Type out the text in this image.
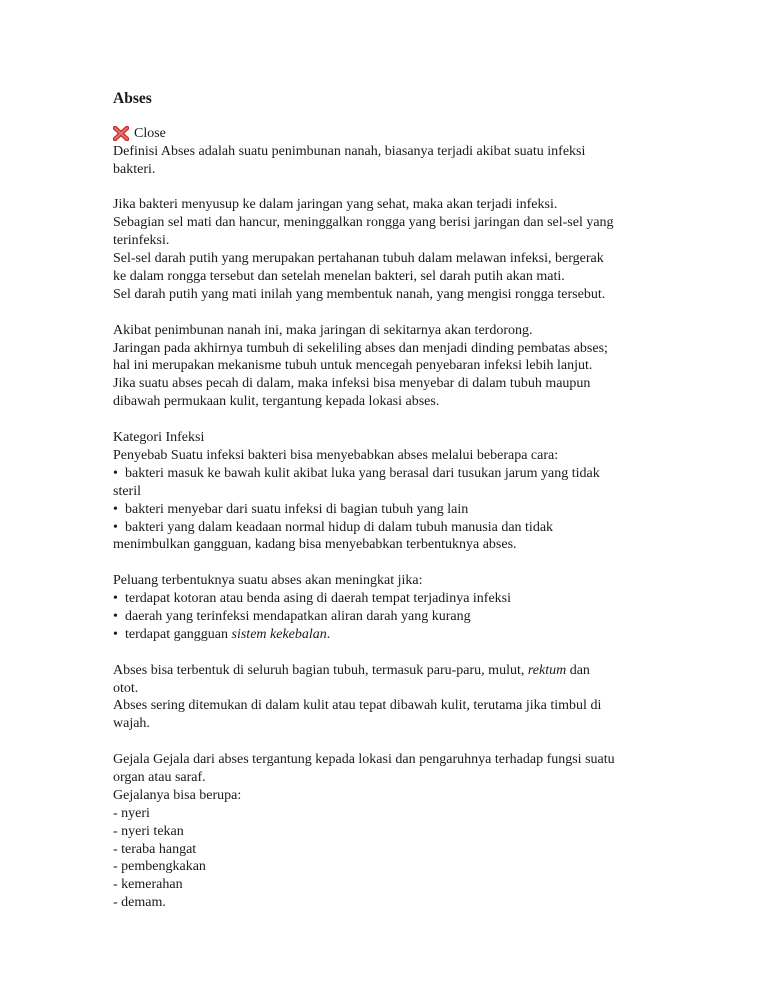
Abses
Close
Definisi Abses adalah suatu penimbunan nanah, biasanya terjadi akibat suatu infeksi
bakteri.
Jika bakteri menyusup ke dalam jaringan yang sehat, maka akan terjadi infeksi.
Sebagian sel mati dan hancur, meninggalkan rongga yang berisi jaringan dan sel-sel yang
terinfeksi.
Sel-sel darah putih yang merupakan pertahanan tubuh dalam melawan infeksi, bergerak
ke dalam rongga tersebut dan setelah menelan bakteri, sel darah putih akan mati.
Sel darah putih yang mati inilah yang membentuk nanah, yang mengisi rongga tersebut.
Akibat penimbunan nanah ini, maka jaringan di sekitarnya akan terdorong.
Jaringan pada akhirnya tumbuh di sekeliling abses dan menjadi dinding pembatas abses;
hal ini merupakan mekanisme tubuh untuk mencegah penyebaran infeksi lebih lanjut.
Jika suatu abses pecah di dalam, maka infeksi bisa menyebar di dalam tubuh maupun
dibawah permukaan kulit, tergantung kepada lokasi abses.
Kategori Infeksi
Penyebab Suatu infeksi bakteri bisa menyebabkan abses melalui beberapa cara:
• bakteri masuk ke bawah kulit akibat luka yang berasal dari tusukan jarum yang tidak
steril
• bakteri menyebar dari suatu infeksi di bagian tubuh yang lain
• bakteri yang dalam keadaan normal hidup di dalam tubuh manusia dan tidak
menimbulkan gangguan, kadang bisa menyebabkan terbentuknya abses.
Peluang terbentuknya suatu abses akan meningkat jika:
• terdapat kotoran atau benda asing di daerah tempat terjadinya infeksi
• daerah yang terinfeksi mendapatkan aliran darah yang kurang
• terdapat gangguan sistem kekebalan.
Abses bisa terbentuk di seluruh bagian tubuh, termasuk paru-paru, mulut, rektum dan
otot.
Abses sering ditemukan di dalam kulit atau tepat dibawah kulit, terutama jika timbul di
wajah.
Gejala Gejala dari abses tergantung kepada lokasi dan pengaruhnya terhadap fungsi suatu
organ atau saraf.
Gejalanya bisa berupa:
- nyeri
- nyeri tekan
- teraba hangat
- pembengkakan
- kemerahan
- demam.
